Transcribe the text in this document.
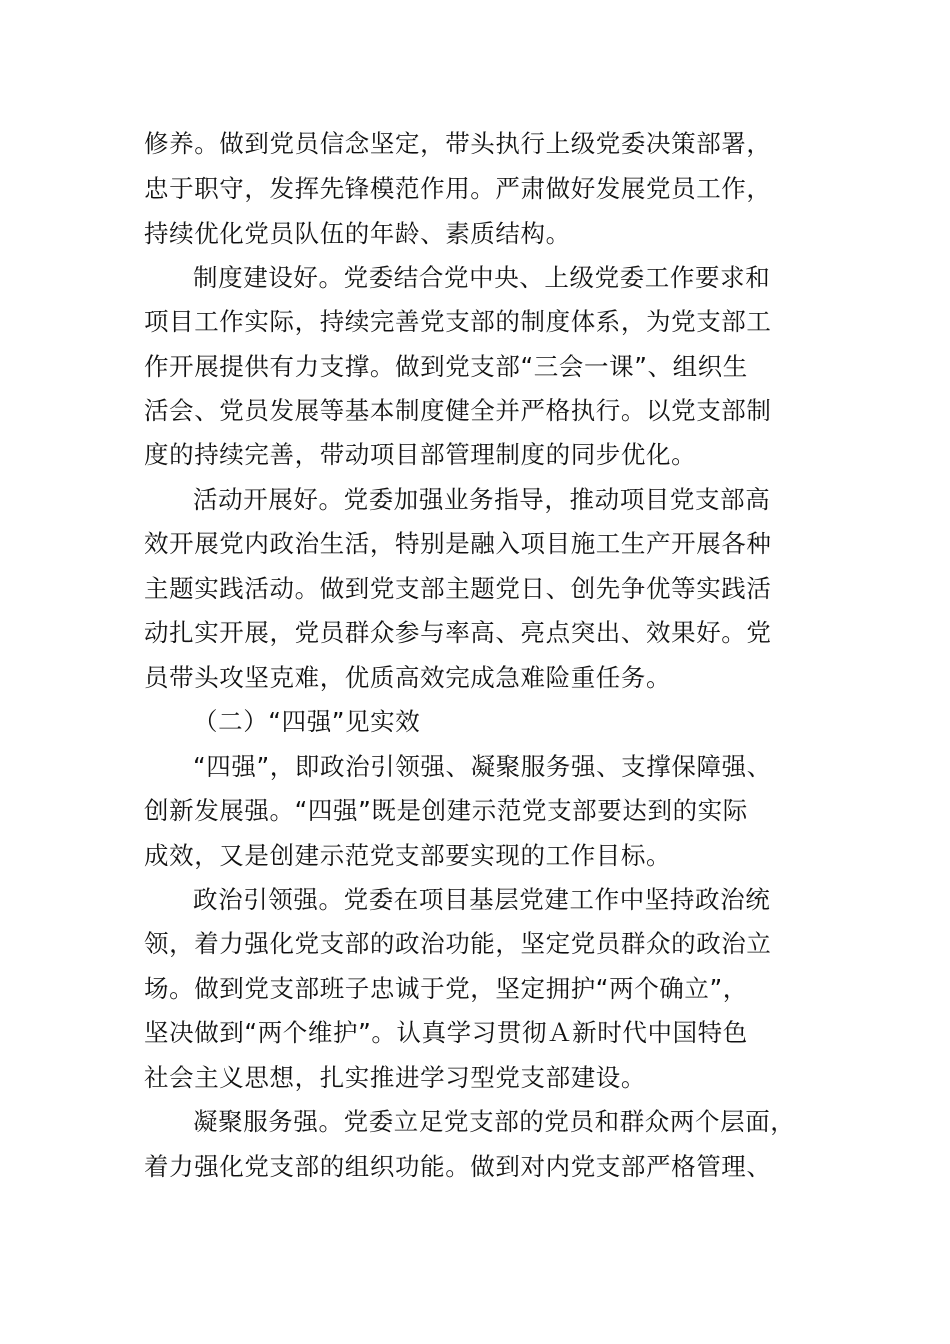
修养。做到党员信念坚定，带头执行上级党委决策部署，
忠于职守，发挥先锋模范作用。严肃做好发展党员工作，
持续优化党员队伍的年龄、素质结构。
制度建设好。党委结合党中央、上级党委工作要求和
项目工作实际，持续完善党支部的制度体系，为党支部工
作开展提供有力支撑。做到党支部“三会一课”、组织生
活会、党员发展等基本制度健全并严格执行。以党支部制
度的持续完善，带动项目部管理制度的同步优化。
活动开展好。党委加强业务指导，推动项目党支部高
效开展党内政治生活，特别是融入项目施工生产开展各种
主题实践活动。做到党支部主题党日、创先争优等实践活
动扎实开展，党员群众参与率高、亮点突出、效果好。党
员带头攻坚克难，优质高效完成急难险重任务。
（二）“四强”见实效
“四强”，即政治引领强、凝聚服务强、支撑保障强、
创新发展强。“四强”既是创建示范党支部要达到的实际
成效，又是创建示范党支部要实现的工作目标。
政治引领强。党委在项目基层党建工作中坚持政治统
领，着力强化党支部的政治功能，坚定党员群众的政治立
场。做到党支部班子忠诚于党，坚定拥护“两个确立”，
坚决做到“两个维护”。认真学习贯彻Ａ新时代中国特色
社会主义思想，扎实推进学习型党支部建设。
凝聚服务强。党委立足党支部的党员和群众两个层面，
着力强化党支部的组织功能。做到对内党支部严格管理、
